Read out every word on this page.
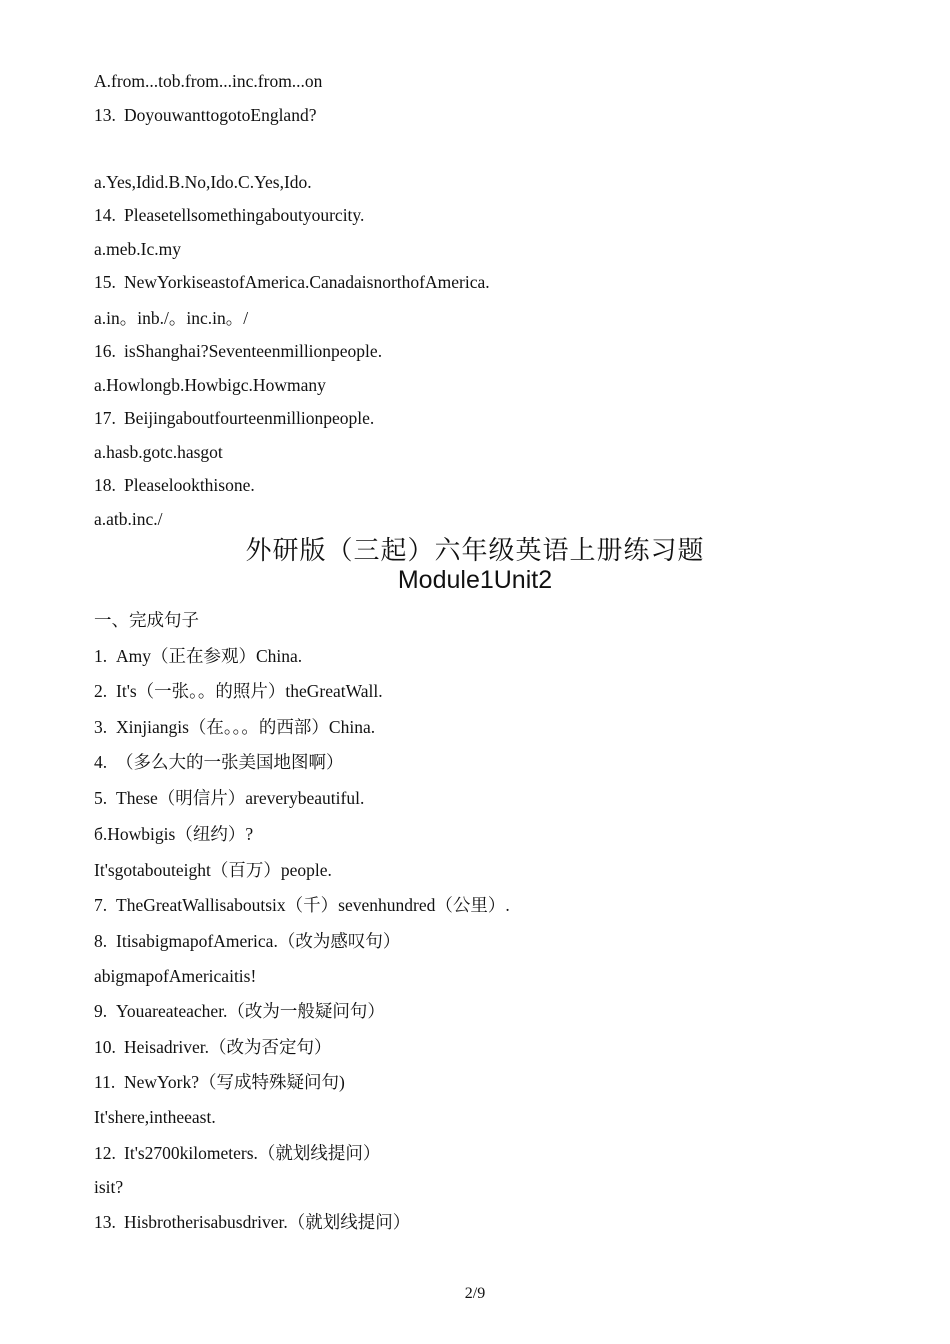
A.from...tob.from...inc.from...on
13. DoyouwanttogotoEngland?
a.Yes,Idid.B.No,Ido.C.Yes,Ido.
14. Pleasetellsomethingaboutyourcity.
a.meb.Ic.my
15. NewYorkiseastofAmerica.CanadaisnorthofAmerica.
a.in。inb./。inc.in。/
16. isShanghai?Seventeenmillionpeople.
a.Howlongb.Howbigc.Howmany
17. Beijingaboutfourteenmillionpeople.
a.hasb.gotc.hasgot
18. Pleaselookthisone.
a.atb.inc./
外研版（三起）六年级英语上册练习题
Module1Unit2
一、完成句子
1. Amy（正在参观）China.
2. It's（一张。。的照片）theGreatWall.
3. Xinjiangis（在。。。的西部）China.
4. （多么大的一张美国地图啊）
5. These（明信片）areverybeautiful.
б.Howbigis（纽约）?
It'sgotabouteight（百万）people.
7. TheGreatWallisaboutsix（千）sevenhundred（公里）.
8. ItisabigmapofAmerica.（改为感叹句）
abigmapofAmericaitis!
9. Youareateacher.（改为一般疑问句）
10. Heisadriver.（改为否定句）
11. NewYork?（写成特殊疑问句)
It'shere,intheeast.
12. It's2700kilometers.（就划线提问）
isit?
13. Hisbrotherisabusdriver.（就划线提问）
2/9
